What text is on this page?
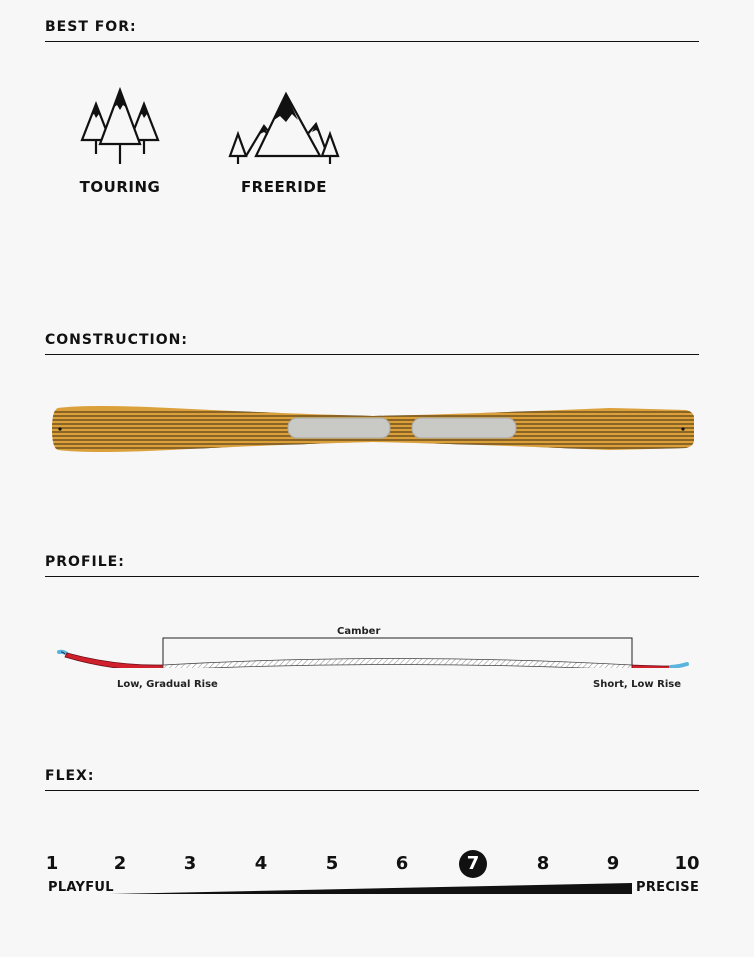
BEST FOR:
TOURING	FREERIDE
CONSTRUCTION:
PROFILE:
Camber
Low, Gradual Rise	Short, Low Rise
FLEX:
1	2	3	4	5	6	7	8	9	10
PLAYFUL	PRECISE
